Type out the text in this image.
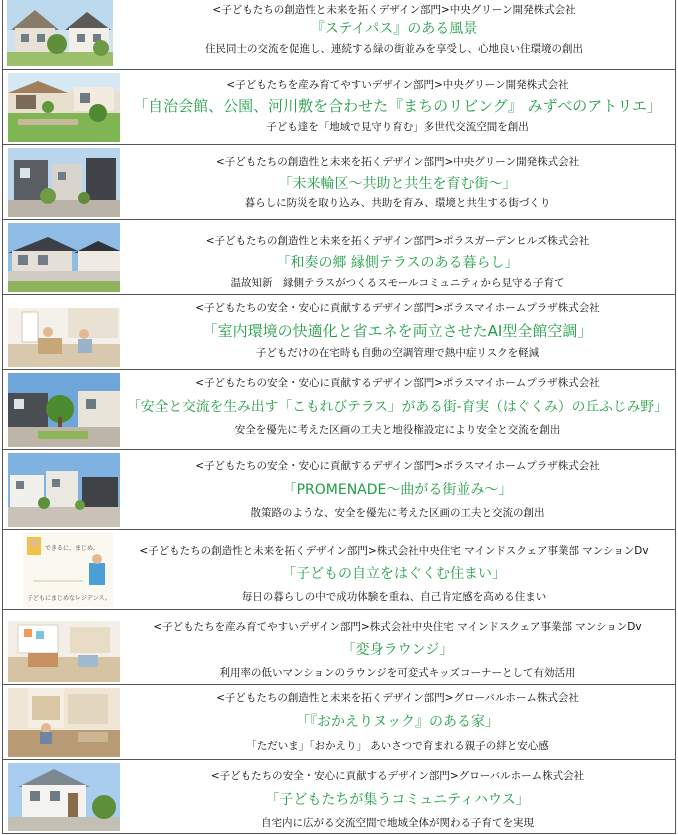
<子どもたちの創造性と未来を拓くデザイン部門>中央グリーン開発株式会社
『ステイパス』のある風景
住民同士の交流を促進し、連続する緑の街並みを享受し、心地良い住環境の創出
<子どもたちを産み育てやすいデザイン部門>中央グリーン開発株式会社
「自治会館、公園、河川敷を合わせた『まちのリビング』 みずべのアトリエ」
子ども達を「地域で見守り育む」多世代交流空間を創出
<子どもたちの創造性と未来を拓くデザイン部門>中央グリーン開発株式会社
「未来輪区～共助と共生を育む街～」
暮らしに防災を取り込み、共助を育み、環境と共生する街づくり
<子どもたちの創造性と未来を拓くデザイン部門>ポラスガーデンヒルズ株式会社
「和奏の郷 縁側テラスのある暮らし」
温故知新　縁側テラスがつくるスモールコミュニティから見守る子育て
<子どもたちの安全・安心に貢献するデザイン部門>ポラスマイホームプラザ株式会社
「室内環境の快適化と省エネを両立させたAI型全館空調」
子どもだけの在宅時も自動の空調管理で熱中症リスクを軽減
<子どもたちの安全・安心に貢献するデザイン部門>ポラスマイホームプラザ株式会社
「安全と交流を生み出す「こもれびテラス」がある街-育実（はぐくみ）の丘ふじみ野」
安全を優先に考えた区画の工夫と地役権設定により安全と交流を創出
<子どもたちの安全・安心に貢献するデザイン部門>ポラスマイホームプラザ株式会社
「PROMENADE～曲がる街並み～」
散策路のような、安全を優先に考えた区画の工夫と交流の創出
できるに、まじめ。
子どもにまじめなレジデンス。
<子どもたちの創造性と未来を拓くデザイン部門>株式会社中央住宅 マインドスクェア事業部 マンションDv
「子どもの自立をはぐくむ住まい」
毎日の暮らしの中で成功体験を重ね、自己肯定感を高める住まい
<子どもたちを産み育てやすいデザイン部門>株式会社中央住宅 マインドスクェア事業部 マンションDv
「変身ラウンジ」
利用率の低いマンションのラウンジを可変式キッズコーナーとして有効活用
<子どもたちの創造性と未来を拓くデザイン部門>グローバルホーム株式会社
「『おかえりヌック』のある家」
「ただいま」「おかえり」 あいさつで育まれる親子の絆と安心感
<子どもたちの安全・安心に貢献するデザイン部門>グローバルホーム株式会社
「子どもたちが集うコミュニティハウス」
自宅内に広がる交流空間で地域全体が関わる子育てを実現
